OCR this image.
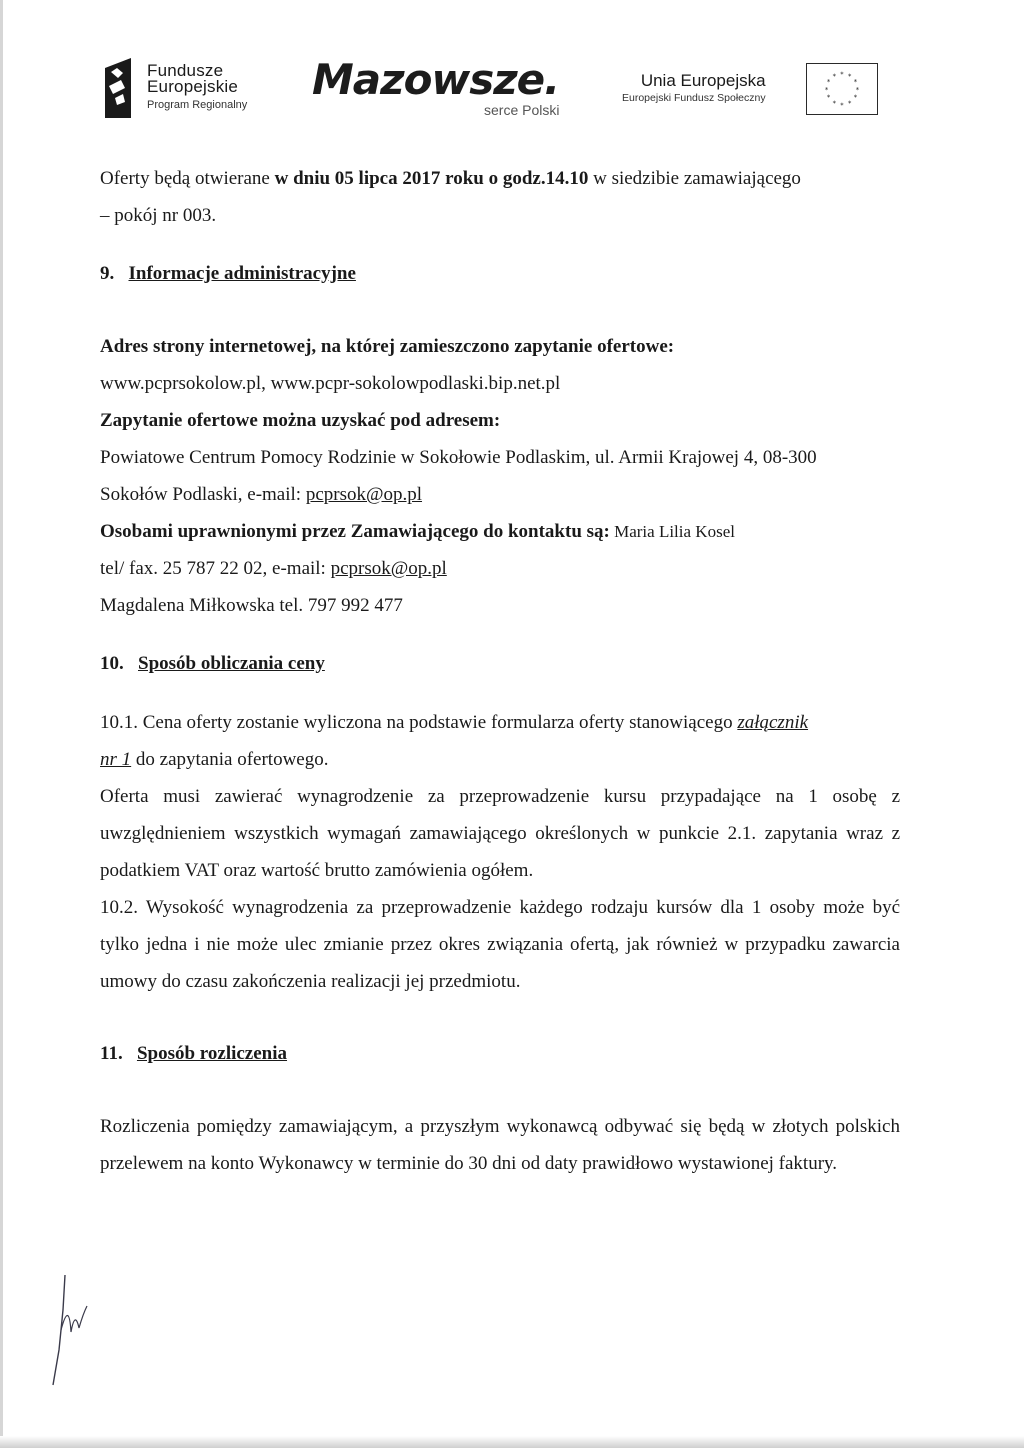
Fundusze
Europejskie
Program Regionalny
Mazowsze.
serce Polski
Unia Europejska
Europejski Fundusz Społeczny
* *
*
*
*
*
*
*
*
*
*
*

Oferty będą otwierane w dniu 05 lipca 2017 roku o godz.14.10 w siedzibie zamawiającego
– pokój nr 003.

9. Informacje administracyjne

Adres strony internetowej, na której zamieszczono zapytanie ofertowe:

www.pcprsokolow.pl, www.pcpr-sokolowpodlaski.bip.net.pl

Zapytanie ofertowe można uzyskać pod adresem:

Powiatowe Centrum Pomocy Rodzinie w Sokołowie Podlaskim, ul. Armii Krajowej 4, 08-300
Sokołów Podlaski, e-mail: pcprsok@op.pl

Osobami uprawnionymi przez Zamawiającego do kontaktu są: Maria Lilia Kosel
tel/ fax. 25 787 22 02, e-mail: pcprsok@op.pl
Magdalena Miłkowska tel. 797 992 477

10. Sposób obliczania ceny

10.1. Cena oferty zostanie wyliczona na podstawie formularza oferty stanowiącego załącznik
nr 1 do zapytania ofertowego.

Oferta musi zawierać wynagrodzenie za przeprowadzenie kursu przypadające na 1 osobę z uwzględnieniem wszystkich wymagań zamawiającego określonych w punkcie 2.1. zapytania wraz z podatkiem VAT oraz wartość brutto zamówienia ogółem.

10.2. Wysokość wynagrodzenia za przeprowadzenie każdego rodzaju kursów dla 1 osoby może być tylko jedna i nie może ulec zmianie przez okres związania ofertą, jak również w przypadku zawarcia umowy do czasu zakończenia realizacji jej przedmiotu.

11. Sposób rozliczenia

Rozliczenia pomiędzy zamawiającym, a przyszłym wykonawcą odbywać się będą w złotych polskich przelewem na konto Wykonawcy w terminie do 30 dni od daty prawidłowo wystawionej faktury.
